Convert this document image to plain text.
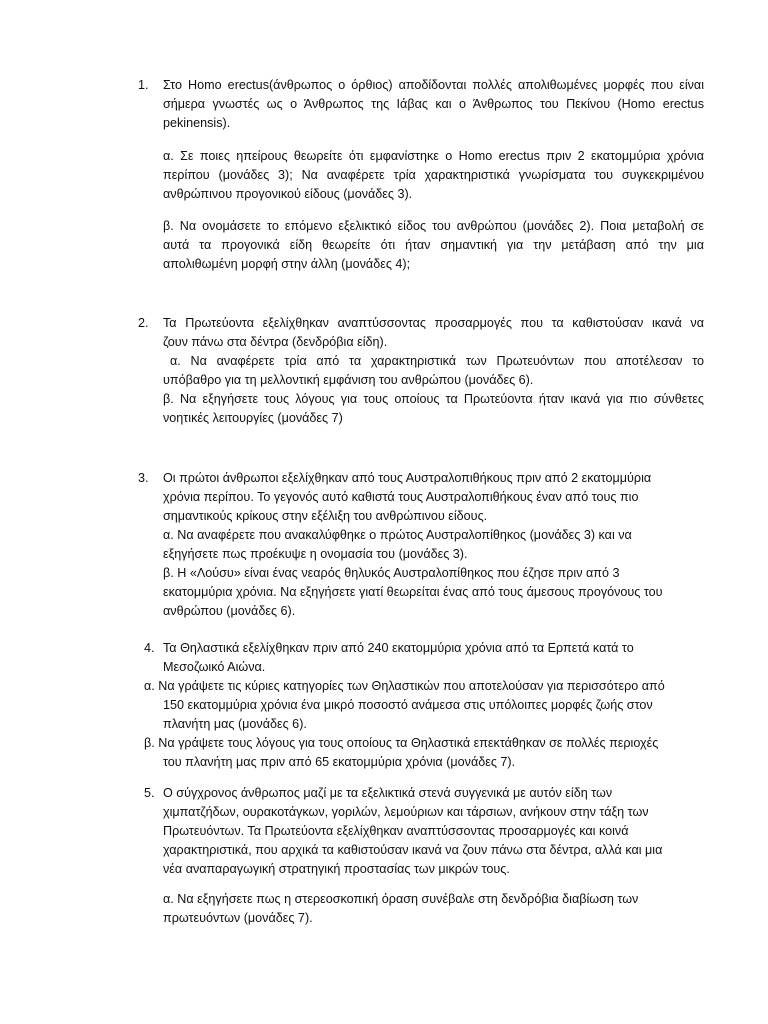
1. Στο Homo erectus(άνθρωπος ο όρθιος) αποδίδονται πολλές απολιθωμένες μορφές που είναι
σήμερα γνωστές ως ο Άνθρωπος της Ιάβας και ο Άνθρωπος του Πεκίνου (Homo erectus
pekinensis).
α. Σε ποιες ηπείρους θεωρείτε ότι εμφανίστηκε ο Homo erectus πριν 2 εκατομμύρια χρόνια
περίπου (μονάδες 3); Να αναφέρετε τρία χαρακτηριστικά γνωρίσματα του συγκεκριμένου
ανθρώπινου προγονικού είδους (μονάδες 3).
β. Να ονομάσετε το επόμενο εξελικτικό είδος του ανθρώπου (μονάδες 2). Ποια μεταβολή σε
αυτά τα προγονικά είδη θεωρείτε ότι ήταν σημαντική για την μετάβαση από την μια
απολιθωμένη μορφή στην άλλη (μονάδες 4);
2. Τα Πρωτεύοντα εξελίχθηκαν αναπτύσσοντας προσαρμογές που τα καθιστούσαν ικανά να
ζουν πάνω στα δέντρα (δενδρόβια είδη).
α. Να αναφέρετε τρία από τα χαρακτηριστικά των Πρωτευόντων που αποτέλεσαν το
υπόβαθρο για τη μελλοντική εμφάνιση του ανθρώπου (μονάδες 6).
β. Να εξηγήσετε τους λόγους για τους οποίους τα Πρωτεύοντα ήταν ικανά για πιο σύνθετες
νοητικές λειτουργίες (μονάδες 7)
3. Οι πρώτοι άνθρωποι εξελίχθηκαν από τους Αυστραλοπιθήκους πριν από 2 εκατομμύρια
χρόνια περίπου. Το γεγονός αυτό καθιστά τους Αυστραλοπιθήκους έναν από τους πιο
σημαντικούς κρίκους στην εξέλιξη του ανθρώπινου είδους.
α. Να αναφέρετε που ανακαλύφθηκε ο πρώτος Αυστραλοπίθηκος (μονάδες 3) και να
εξηγήσετε πως προέκυψε η ονομασία του (μονάδες 3).
β. Η «Λούσυ» είναι ένας νεαρός θηλυκός Αυστραλοπίθηκος που έζησε πριν από 3
εκατομμύρια χρόνια. Να εξηγήσετε γιατί θεωρείται ένας από τους άμεσους προγόνους του
ανθρώπου (μονάδες 6).
4. Τα Θηλαστικά εξελίχθηκαν πριν από 240 εκατομμύρια χρόνια από τα Ερπετά κατά το
Μεσοζωικό Αιώνα.
α. Να γράψετε τις κύριες κατηγορίες των Θηλαστικών που αποτελούσαν για περισσότερο από
150 εκατομμύρια χρόνια ένα μικρό ποσοστό ανάμεσα στις υπόλοιπες μορφές ζωής στον
πλανήτη μας (μονάδες 6).
β. Να γράψετε τους λόγους για τους οποίους τα Θηλαστικά επεκτάθηκαν σε πολλές περιοχές
του πλανήτη μας πριν από 65 εκατομμύρια χρόνια (μονάδες 7).
5. Ο σύγχρονος άνθρωπος μαζί με τα εξελικτικά στενά συγγενικά με αυτόν είδη των
χιμπατζήδων, ουρακοτάγκων, γοριλών, λεμούριων και τάρσιων, ανήκουν στην τάξη των
Πρωτευόντων. Τα Πρωτεύοντα εξελίχθηκαν αναπτύσσοντας προσαρμογές και κοινά
χαρακτηριστικά, που αρχικά τα καθιστούσαν ικανά να ζουν πάνω στα δέντρα, αλλά και μια
νέα αναπαραγωγική στρατηγική προστασίας των μικρών τους.
α. Να εξηγήσετε πως η στερεοσκοπική όραση συνέβαλε στη δενδρόβια διαβίωση των
πρωτευόντων (μονάδες 7).
